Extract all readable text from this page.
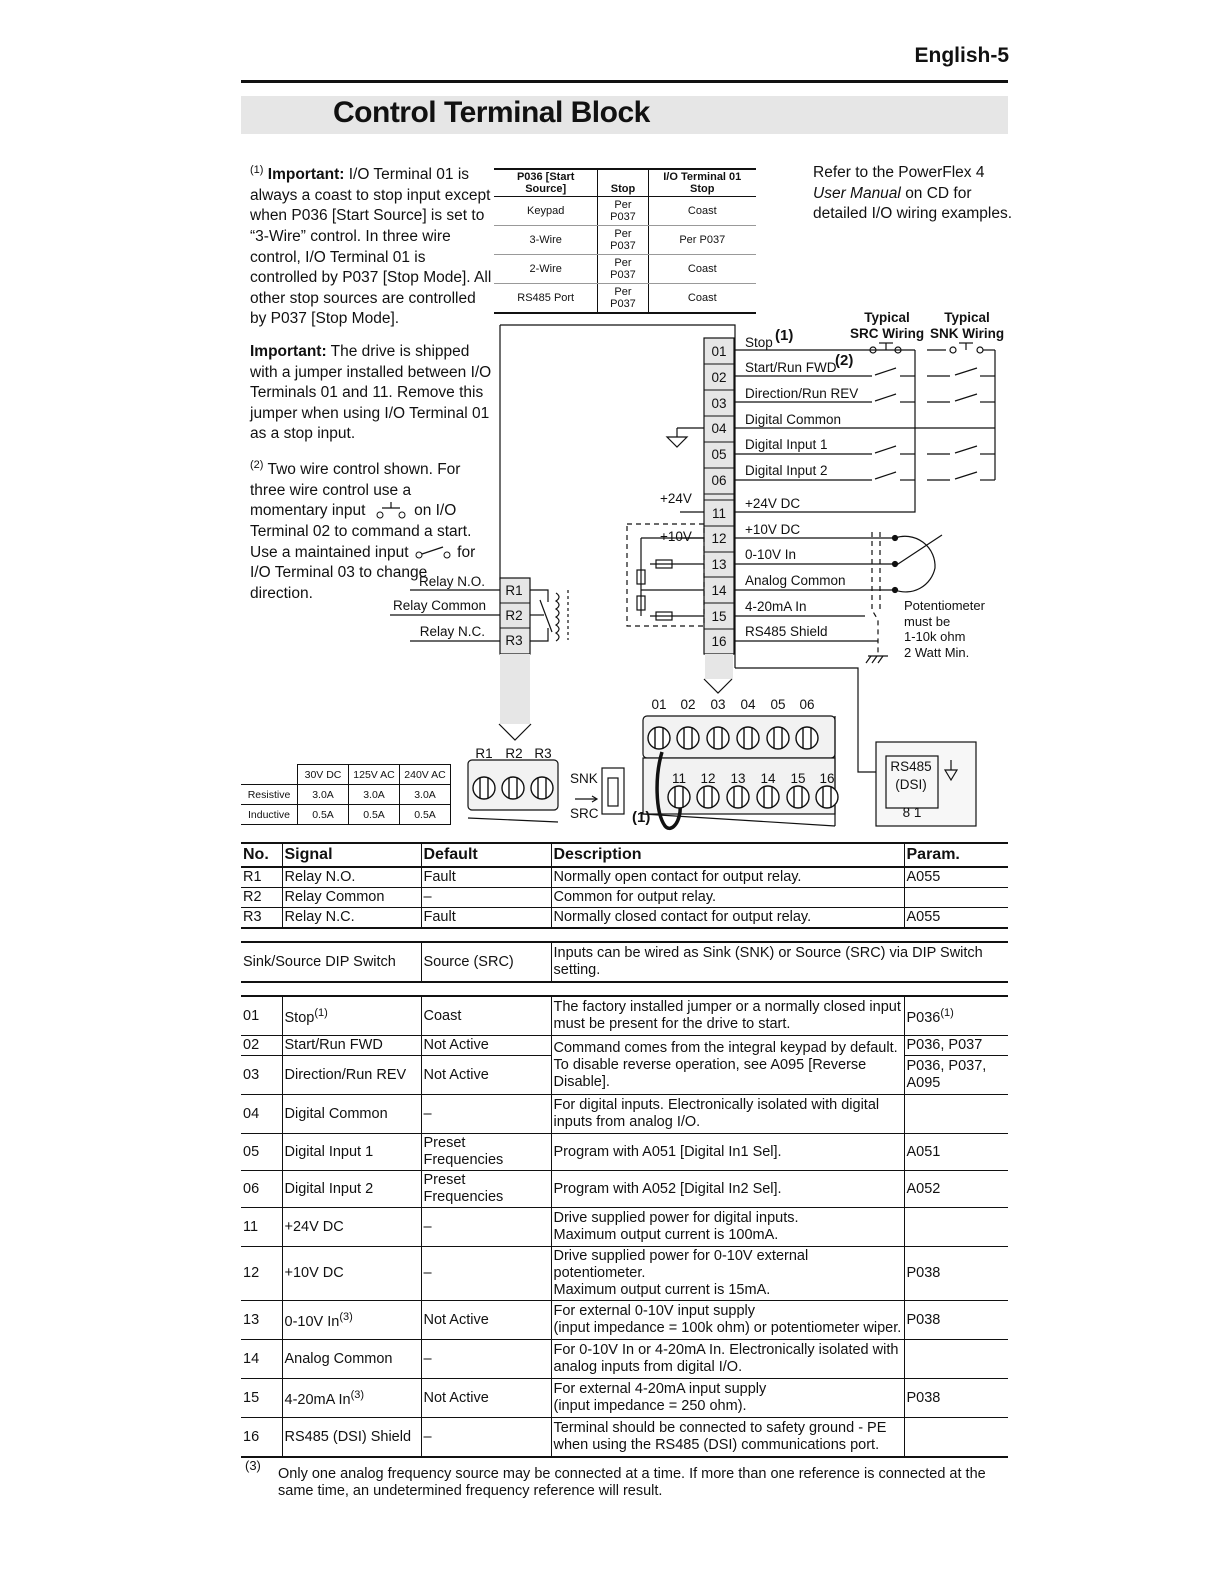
English-5
Control Terminal Block
$^{(1)}$ Important: I/O Terminal 01 is always a coast to stop input except when P036 [Start Source] is set to “3-Wire” control. In three wire control, I/O Terminal 01 is controlled by P037 [Stop Mode]. All other stop sources are controlled by P037 [Stop Mode].
Important: The drive is shipped with a jumper installed between I/O Terminals 01 and 11. Remove this jumper when using I/O Terminal 01 as a stop input.
$^{(2)}$ Two wire control shown. For three wire control use a momentary input	on I/O Terminal 02 to command a start. Use a maintained input	for I/O Terminal 03 to change direction.
P036 [Start Source]	Stop	I/O Terminal 01 Stop
Keypad	Per P037	Coast
3-Wire	Per P037	Per P037
2-Wire	Per P037	Coast
RS485 Port	Per P037	Coast
Refer to the PowerFlex 4
User Manual on CD for
detailed I/O wiring examples.
01
02
03
04
05
06
11
12
13
14
15
16
R1
R2
R3
Stop (1)
Start/Run FWD
(2)
Direction/Run REV
Digital Common
Digital Input 1
Digital Input 2
+24V DC
+10V DC
0-10V In
Analog Common
4-20mA In
RS485 Shield
+24V
+10V
Relay N.O.
Relay Common
Relay N.C.
Typical
SRC Wiring
Typical
SNK Wiring
Potentiometer
must be
1-10k ohm
2 Watt Min.
01 02 03 04 05 06
11 12 13 14 15 16
R1 R2 R3
RS485
(DSI)
8 1
SNK
SRC (1)
	30V DC	125V AC	240V AC
Resistive	3.0A	3.0A	3.0A
Inductive	0.5A	0.5A	0.5A
No.	Signal	Default	Description	Param.
R1	Relay N.O.	Fault	Normally open contact for output relay.	A055
R2	Relay Common	–	Common for output relay.	
R3	Relay N.C.	Fault	Normally closed contact for output relay.	A055

Sink/Source DIP Switch		Source (SRC)	Inputs can be wired as Sink (SNK) or Source (SRC) via DIP Switch setting.	

01	Stop$^{(1)}$	Coast	The factory installed jumper or a normally closed input must be present for the drive to start.	P036$^{(1)}$
02	Start/Run FWD	Not Active	Command comes from the integral keypad by default. To disable reverse operation, see A095 [Reverse Disable].	P036, P037
03	Direction/Run REV	Not Active		P036, P037, A095
04	Digital Common	–	For digital inputs. Electronically isolated with digital inputs from analog I/O.	
05	Digital Input 1	Preset Frequencies	Program with A051 [Digital In1 Sel].	A051
06	Digital Input 2	Preset Frequencies	Program with A052 [Digital In2 Sel].	A052
11	+24V DC	–	Drive supplied power for digital inputs.
Maximum output current is 100mA.	
12	+10V DC	–	Drive supplied power for 0-10V external potentiometer.
Maximum output current is 15mA.	P038
13	0-10V In$^{(3)}$	Not Active	For external 0-10V input supply
(input impedance = 100k ohm) or potentiometer wiper.	P038
14	Analog Common	–	For 0-10V In or 4-20mA In. Electronically isolated with analog inputs from digital I/O.	
15	4-20mA In$^{(3)}$	Not Active	For external 4-20mA input supply
(input impedance = 250 ohm).	P038
16	RS485 (DSI) Shield	–	Terminal should be connected to safety ground - PE when using the RS485 (DSI) communications port.	
(3)
Only one analog frequency source may be connected at a time. If more than one reference is connected at the same time, an undetermined frequency reference will result.
